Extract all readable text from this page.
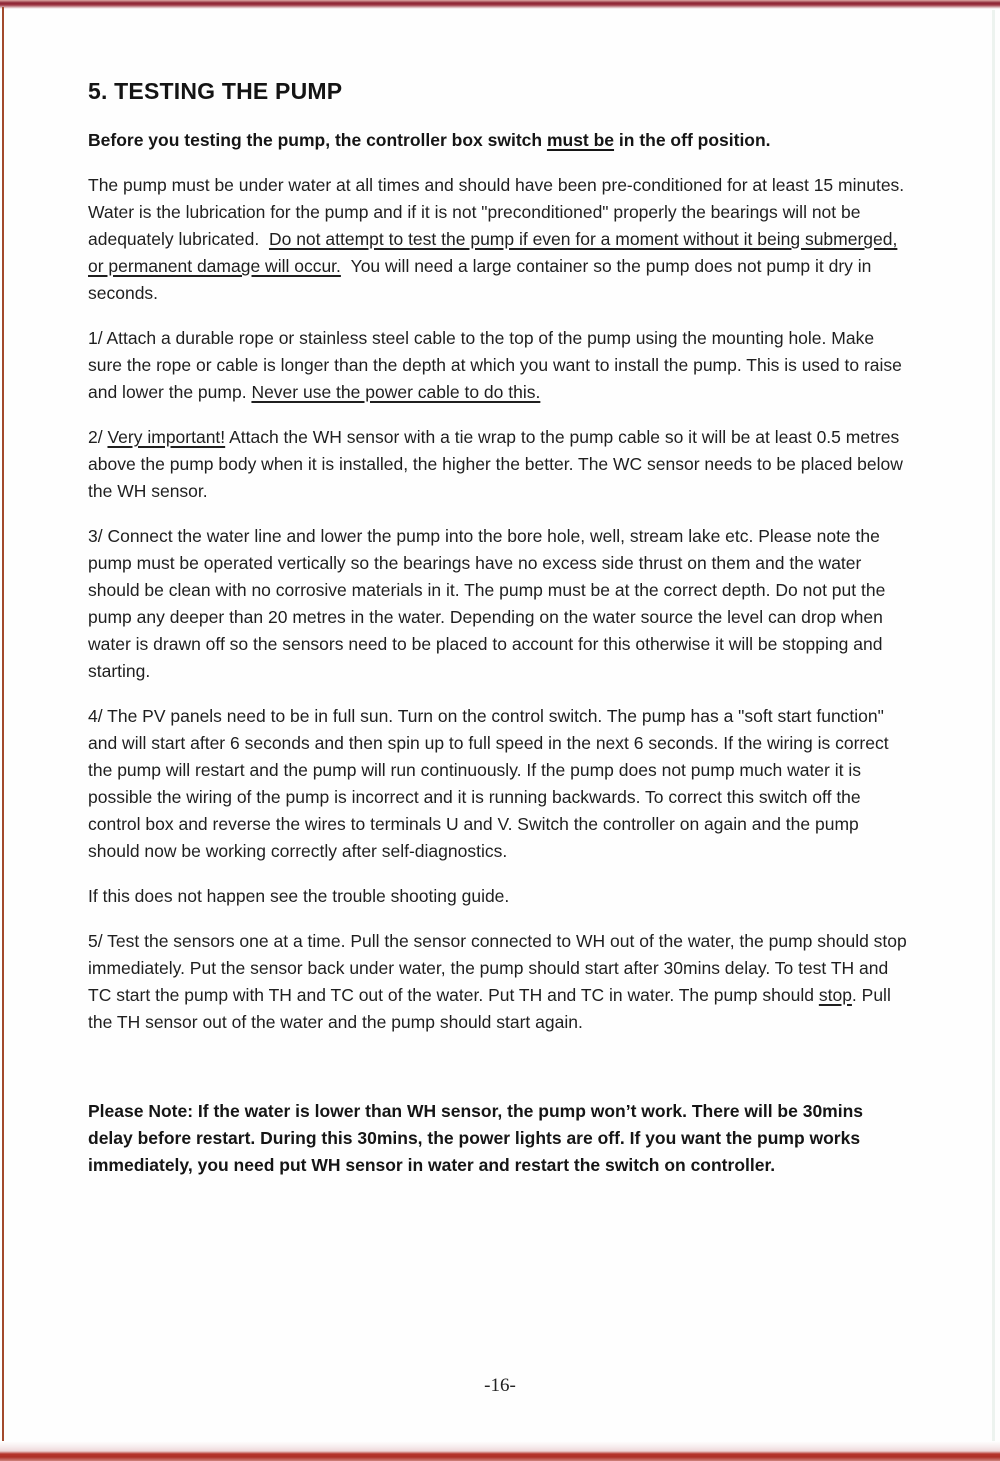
5. TESTING THE PUMP

Before you testing the pump, the controller box switch must be in the off position.

The pump must be under water at all times and should have been pre-conditioned for at least 15 minutes. Water is the lubrication for the pump and if it is not "preconditioned" properly the bearings will not be adequately lubricated.  Do not attempt to test the pump if even for a moment without it being submerged, or permanent damage will occur.  You will need a large container so the pump does not pump it dry in seconds.

1/ Attach a durable rope or stainless steel cable to the top of the pump using the mounting hole. Make sure the rope or cable is longer than the depth at which you want to install the pump. This is used to raise and lower the pump. Never use the power cable to do this.

2/ Very important! Attach the WH sensor with a tie wrap to the pump cable so it will be at least 0.5 metres above the pump body when it is installed, the higher the better. The WC sensor needs to be placed below the WH sensor.

3/ Connect the water line and lower the pump into the bore hole, well, stream lake etc. Please note the pump must be operated vertically so the bearings have no excess side thrust on them and the water should be clean with no corrosive materials in it. The pump must be at the correct depth. Do not put the pump any deeper than 20 metres in the water. Depending on the water source the level can drop when water is drawn off so the sensors need to be placed to account for this otherwise it will be stopping and starting.

4/ The PV panels need to be in full sun. Turn on the control switch. The pump has a "soft start function" and will start after 6 seconds and then spin up to full speed in the next 6 seconds. If the wiring is correct the pump will restart and the pump will run continuously. If the pump does not pump much water it is possible the wiring of the pump is incorrect and it is running backwards. To correct this switch off the control box and reverse the wires to terminals U and V. Switch the controller on again and the pump should now be working correctly after self-diagnostics.

If this does not happen see the trouble shooting guide.

5/ Test the sensors one at a time. Pull the sensor connected to WH out of the water, the pump should stop immediately. Put the sensor back under water, the pump should start after 30mins delay. To test TH and TC start the pump with TH and TC out of the water. Put TH and TC in water. The pump should stop. Pull the TH sensor out of the water and the pump should start again.

Please Note: If the water is lower than WH sensor, the pump won’t work. There will be 30mins delay before restart. During this 30mins, the power lights are off. If you want the pump works immediately, you need put WH sensor in water and restart the switch on controller.

-16-
